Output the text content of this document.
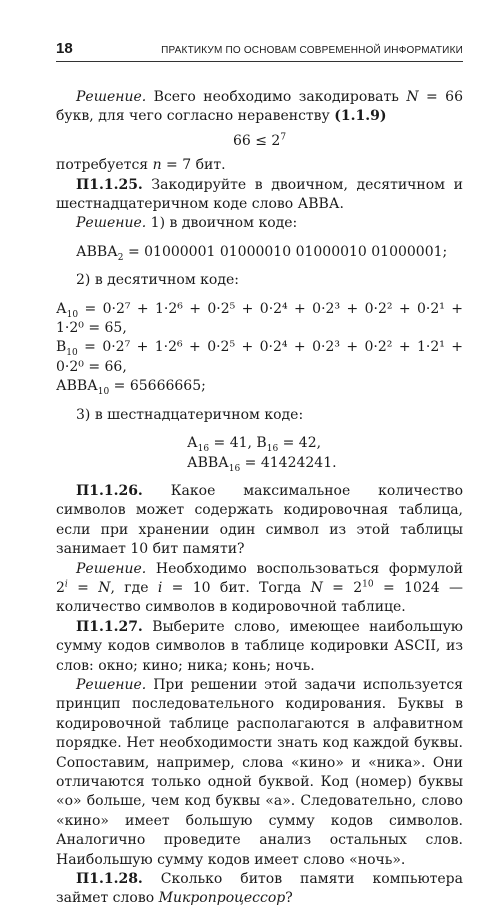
18	ПРАКТИКУМ ПО ОСНОВАМ СОВРЕМЕННОЙ ИНФОРМАТИКИ

Решение. Всего необходимо закодировать N = 66 букв, для чего согласно неравенству (1.1.9)

$66 \le 2^7$

потребуется n = 7 бит.

П1.1.25. Закодируйте в двоичном, десятичном и шестнадцатеричном коде слово АВВА.

Решение. 1) в двоичном коде:

$АВВА_2 = 01000001$ 01000010 01000010 01000001;

2) в десятичном коде:

$А_{10} = 0\cdot 2^7 + 1\cdot 2^6 + 0\cdot 2^5 + 0\cdot 2^4 + 0\cdot 2^3 + 0\cdot 2^2 + 0\cdot 2^1 + 1\cdot 2^0 = 65$,

$В_{10} = 0\cdot 2^7 + 1\cdot 2^6 + 0\cdot 2^5 + 0\cdot 2^4 + 0\cdot 2^3 + 0\cdot 2^2 + 1\cdot 2^1 + 0\cdot 2^0 = 66$,

$АВВА_{10} = 65666665$;

3) в шестнадцатеричном коде:

$А_{16} = 41$, $В_{16} = 42$,

$АВВА_{16} = 41424241$.

П1.1.26. Какое максимальное количество символов может содержать кодировочная таблица, если при хранении один символ из этой таблицы занимает 10 бит памяти?

Решение. Необходимо воспользоваться формулой $2^i = N$, где i = 10 бит. Тогда $N = 2^{10} = 1024$ — количество символов в кодировочной таблице.

П1.1.27. Выберите слово, имеющее наибольшую сумму кодов символов в таблице кодировки ASCII, из слов: окно; кино; ника; конь; ночь.

Решение. При решении этой задачи используется принцип последовательного кодирования. Буквы в кодировочной таблице располагаются в алфавитном порядке. Нет необходимости знать код каждой буквы. Сопоставим, например, слова «кино» и «ника». Они отличаются только одной буквой. Код (номер) буквы «о» больше, чем код буквы «а». Следовательно, слово «кино» имеет большую сумму кодов символов. Аналогично проведите анализ остальных слов. Наибольшую сумму кодов имеет слово «ночь».

П1.1.28. Сколько битов памяти компьютера займет слово Микропроцессор?
